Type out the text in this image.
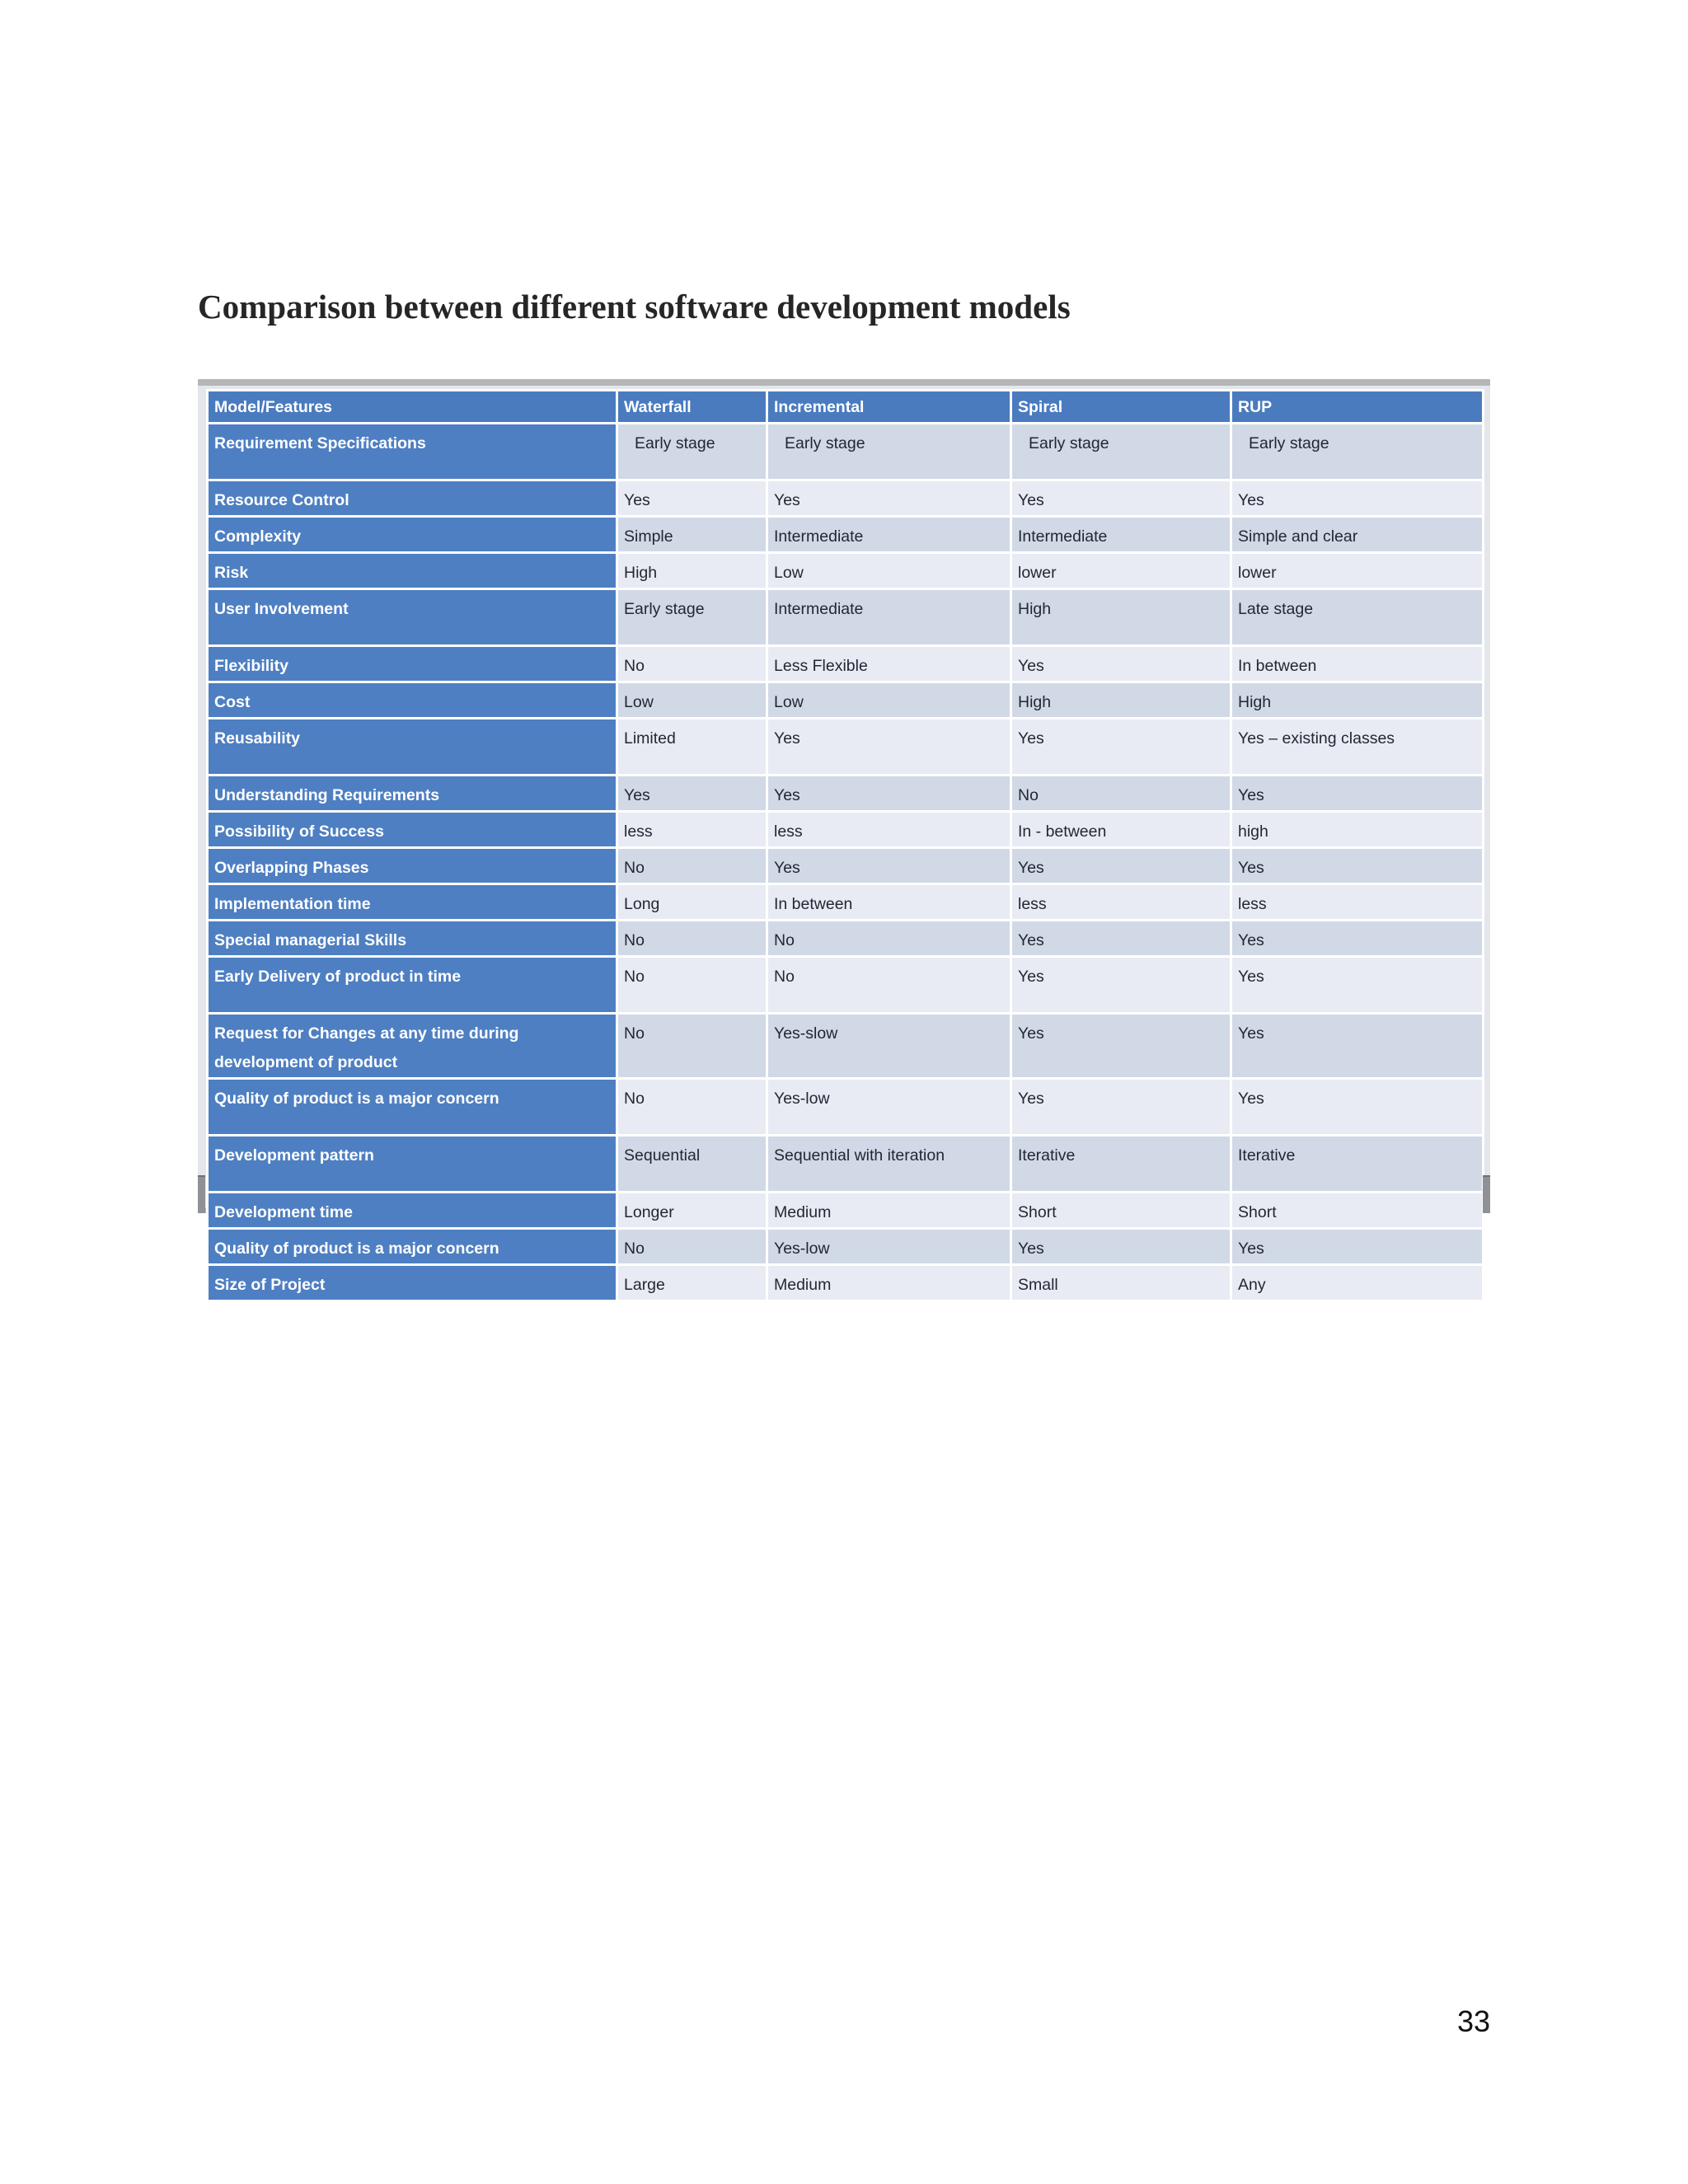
Comparison between different software development models
Model/Features	Waterfall	Incremental	Spiral	RUP
Requirement Specifications	Early stage	Early stage	Early stage	Early stage
Resource Control	Yes	Yes	Yes	Yes
Complexity	Simple	Intermediate	Intermediate	Simple and clear
Risk	High	Low	lower	lower
User Involvement	Early stage	Intermediate	High	Late stage
Flexibility	No	Less Flexible	Yes	In between
Cost	Low	Low	High	High
Reusability	Limited	Yes	Yes	Yes – existing classes
Understanding Requirements	Yes	Yes	No	Yes
Possibility of Success	less	less	In - between	high
Overlapping Phases	No	Yes	Yes	Yes
Implementation time	Long	In between	less	less
Special managerial Skills	No	No	Yes	Yes
Early Delivery of product in time	No	No	Yes	Yes
Request for Changes at any time during development of product	No	Yes-slow	Yes	Yes
Quality of product is a major concern	No	Yes-low	Yes	Yes
Development pattern	Sequential	Sequential with iteration	Iterative	Iterative
Development time	Longer	Medium	Short	Short
Quality of product is a major concern	No	Yes-low	Yes	Yes
Size of Project	Large	Medium	Small	Any
33
